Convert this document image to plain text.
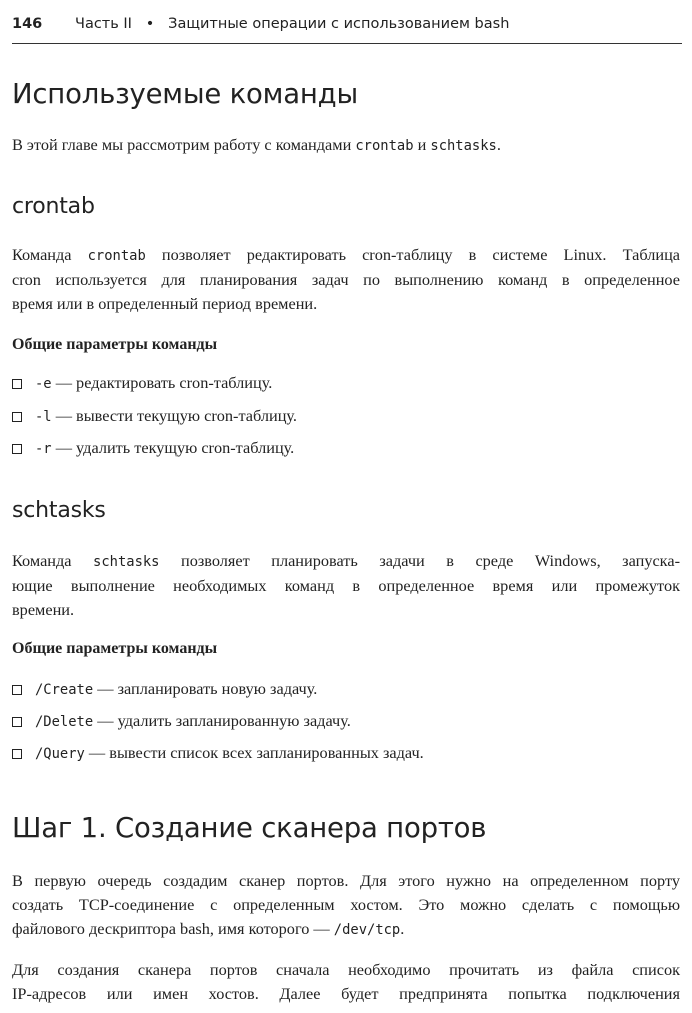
146 Часть II • Защитные операции с использованием bash
Используемые команды

В этой главе мы рассмотрим работу с командами crontab и schtasks.

crontab

Команда crontab позволяет редактировать cron-таблицу в системе Linux. Таблица
cron используется для планирования задач по выполнению команд в определенное
время или в определенный период времени.

Общие параметры команды

-e — редактировать cron-таблицу.
-l — вывести текущую cron-таблицу.
-r — удалить текущую cron-таблицу.
schtasks

Команда schtasks позволяет планировать задачи в среде Windows, запуска-
ющие выполнение необходимых команд в определенное время или промежуток
времени.

Общие параметры команды

/Create — запланировать новую задачу.
/Delete — удалить запланированную задачу.
/Query — вывести список всех запланированных задач.
Шаг 1. Создание сканера портов

В первую очередь создадим сканер портов. Для этого нужно на определенном порту
создать TCP-соединение с определенным хостом. Это можно сделать с помощью
файлового дескриптора bash, имя которого — /dev/tcp.

Для создания сканера портов сначала необходимо прочитать из файла список
IP-адресов или имен хостов. Далее будет предпринята попытка подключения
